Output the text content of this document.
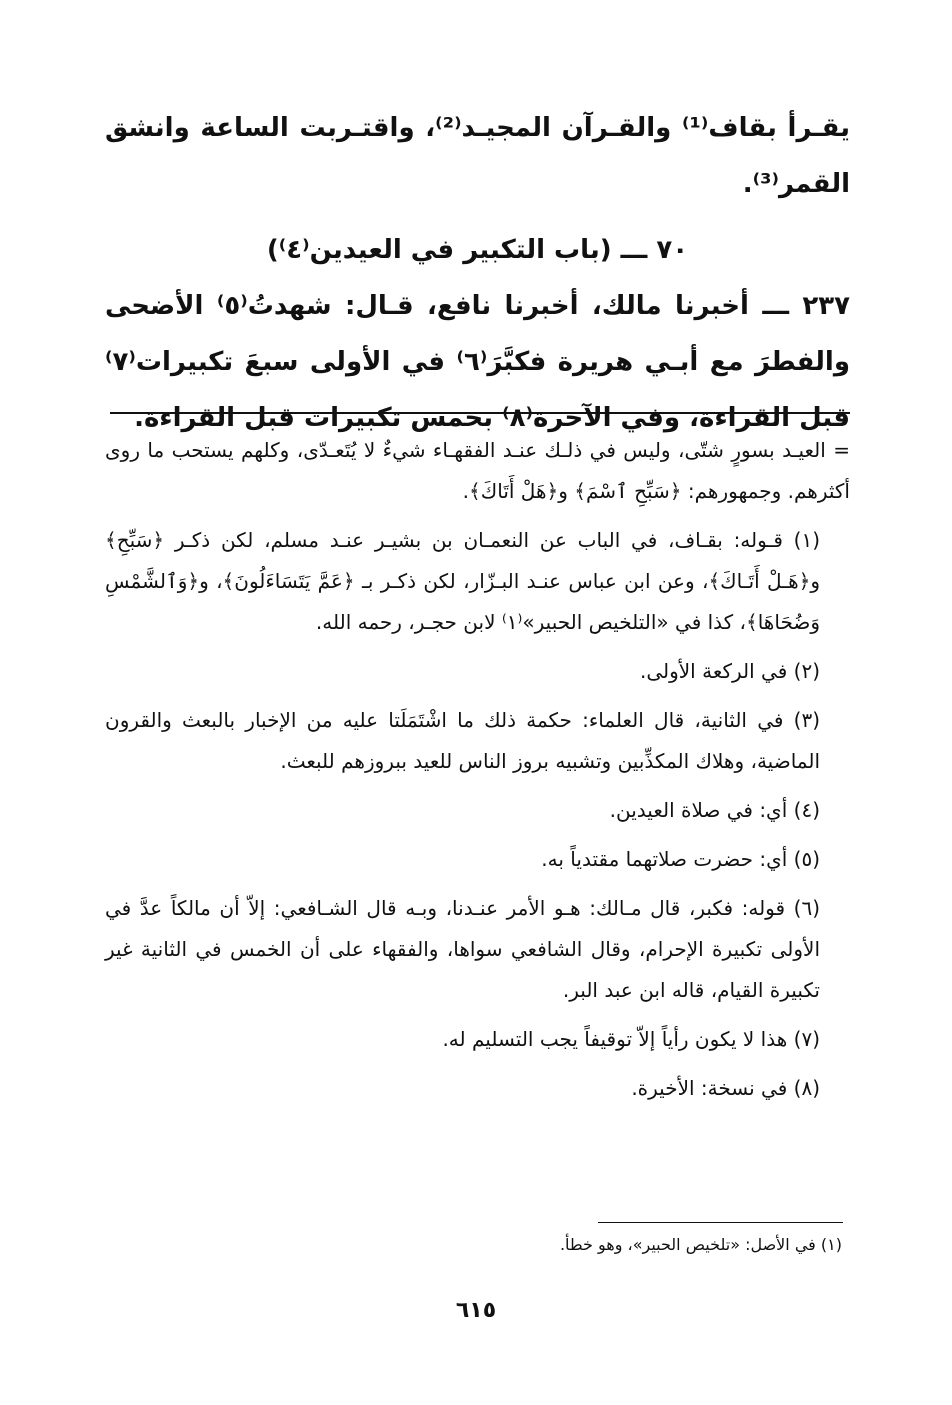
يقـرأ بقاف⁽¹⁾ والقـرآن المجيـد⁽²⁾، واقتـربت الساعة وانشق القمر⁽³⁾.

٧٠ ـــ (باب التكبير في العيدين⁽٤⁾)

٢٣٧ ـــ أخبرنا مالك، أخبرنا نافع، قـال: شهدتُ⁽٥⁾ الأضحى والفطرَ مع أبـي هريرة فكبَّرَ⁽٦⁾ في الأولى سبعَ تكبيرات⁽٧⁾ قبل القراءة، وفي الآخرة⁽٨⁾ بخمس تكبيرات قبل القراءة.

= العيـد بسورٍ شتّى، وليس في ذلـك عنـد الفقهـاء شيءٌ لا يُتَعـدّى، وكلهم يستحب ما روى أكثرهم. وجمهورهم: ﴿سَبِّحِ ٱسْمَ﴾ و﴿هَلْ أَتَاكَ﴾.

(١) قـوله: بقـاف، في الباب عن النعمـان بن بشيـر عنـد مسلم، لكن ذكـر ﴿سَبِّحِ﴾ و﴿هَـلْ أَتَـاكَ﴾، وعن ابن عباس عنـد البـزّار، لكن ذكـر بـ ﴿عَمَّ يَتَسَاءَلُونَ﴾، و﴿وَٱلشَّمْسِ وَضُحَاهَا﴾، كذا في «التلخيص الحبير»⁽١⁾ لابن حجـر، رحمه الله.

(٢) في الركعة الأولى.

(٣) في الثانية، قال العلماء: حكمة ذلك ما اشْتَمَلَتا عليه من الإخبار بالبعث والقرون الماضية، وهلاك المكذِّبين وتشبيه بروز الناس للعيد ببروزهم للبعث.

(٤) أي: في صلاة العيدين.

(٥) أي: حضرت صلاتهما مقتدياً به.

(٦) قوله: فكبر، قال مـالك: هـو الأمر عنـدنا، وبـه قال الشـافعي: إلاّ أن مالكاً عدَّ في الأولى تكبيرة الإحرام، وقال الشافعي سواها، والفقهاء على أن الخمس في الثانية غير تكبيرة القيام، قاله ابن عبد البر.

(٧) هذا لا يكون رأياً إلاّ توقيفاً يجب التسليم له.

(٨) في نسخة: الأخيرة.

(١) في الأصل: «تلخيص الحبير»، وهو خطأ.
٦١٥
